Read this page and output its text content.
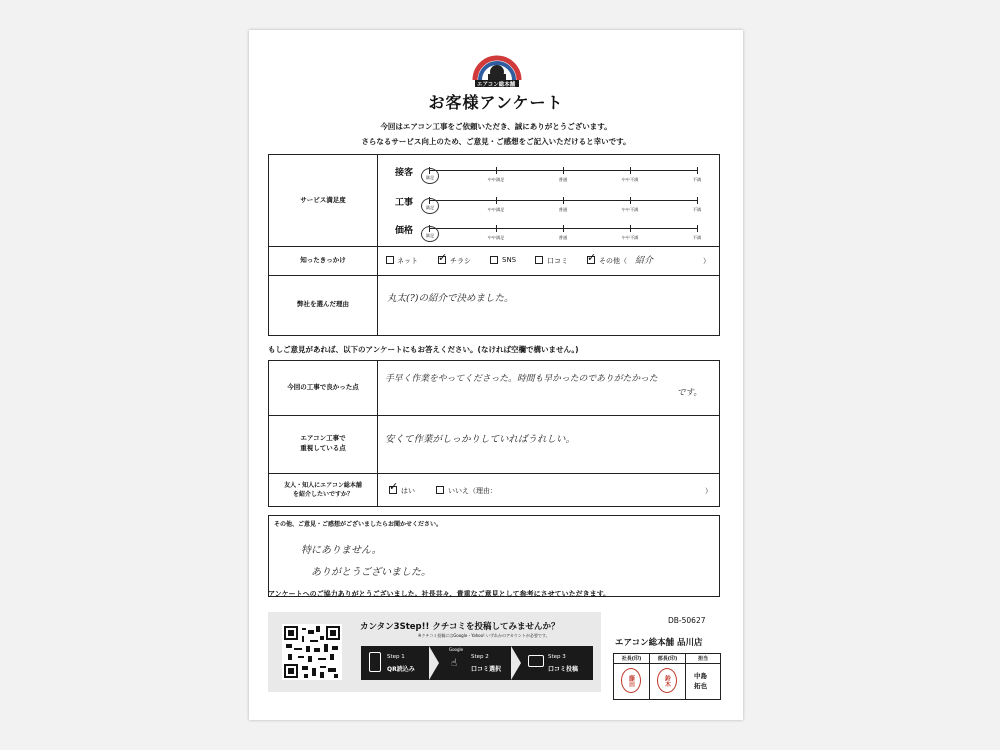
エアコン総本舗
お客様アンケート
今回はエアコン工事をご依頼いただき、誠にありがとうございます。
さらなるサービス向上のため、ご意見・ご感想をご記入いただけると幸いです。
サービス満足度
接客	満足	やや満足	普通	やや不満	不満
工事	満足	やや満足	普通	やや不満	不満
価格	満足	やや満足	普通	やや不満	不満
知ったきっかけ	ネット ✓ チラシ	SNS	口コミ ✓ その他（ 紹介	）
弊社を選んだ理由
丸太(?)の紹介で決めました。
もしご意見があれば、以下のアンケートにもお答えください。(なければ空欄で構いません。)
今回の工事で良かった点
手早く作業をやってくださった。時間も早かったのでありがたかった
です。
エアコン工事で
重視している点
安くて作業がしっかりしていればうれしい。
友人・知人にエアコン総本舗
を紹介したいですか？
✓ はい	いいえ（理由：	）
その他、ご意見・ご感想がございましたらお聞かせください。
特にありません。
ありがとうございました。
アンケートへのご協力ありがとうございました。社長共々、貴重なご意見として参考にさせていただきます。
カンタン3Step!! クチコミを投稿してみませんか？
※クチコミ投稿にはGoogle・Yahoo! いずれかのアカウントが必要です。
Step 1
QR読込み
Google
☝
Step 2
口コミ選択
Step 3
口コミ投稿
DB-50627
エアコン総本舗 品川店
社長(印)	部長(印)	担当
藤田	鈴木	中島
拓也
